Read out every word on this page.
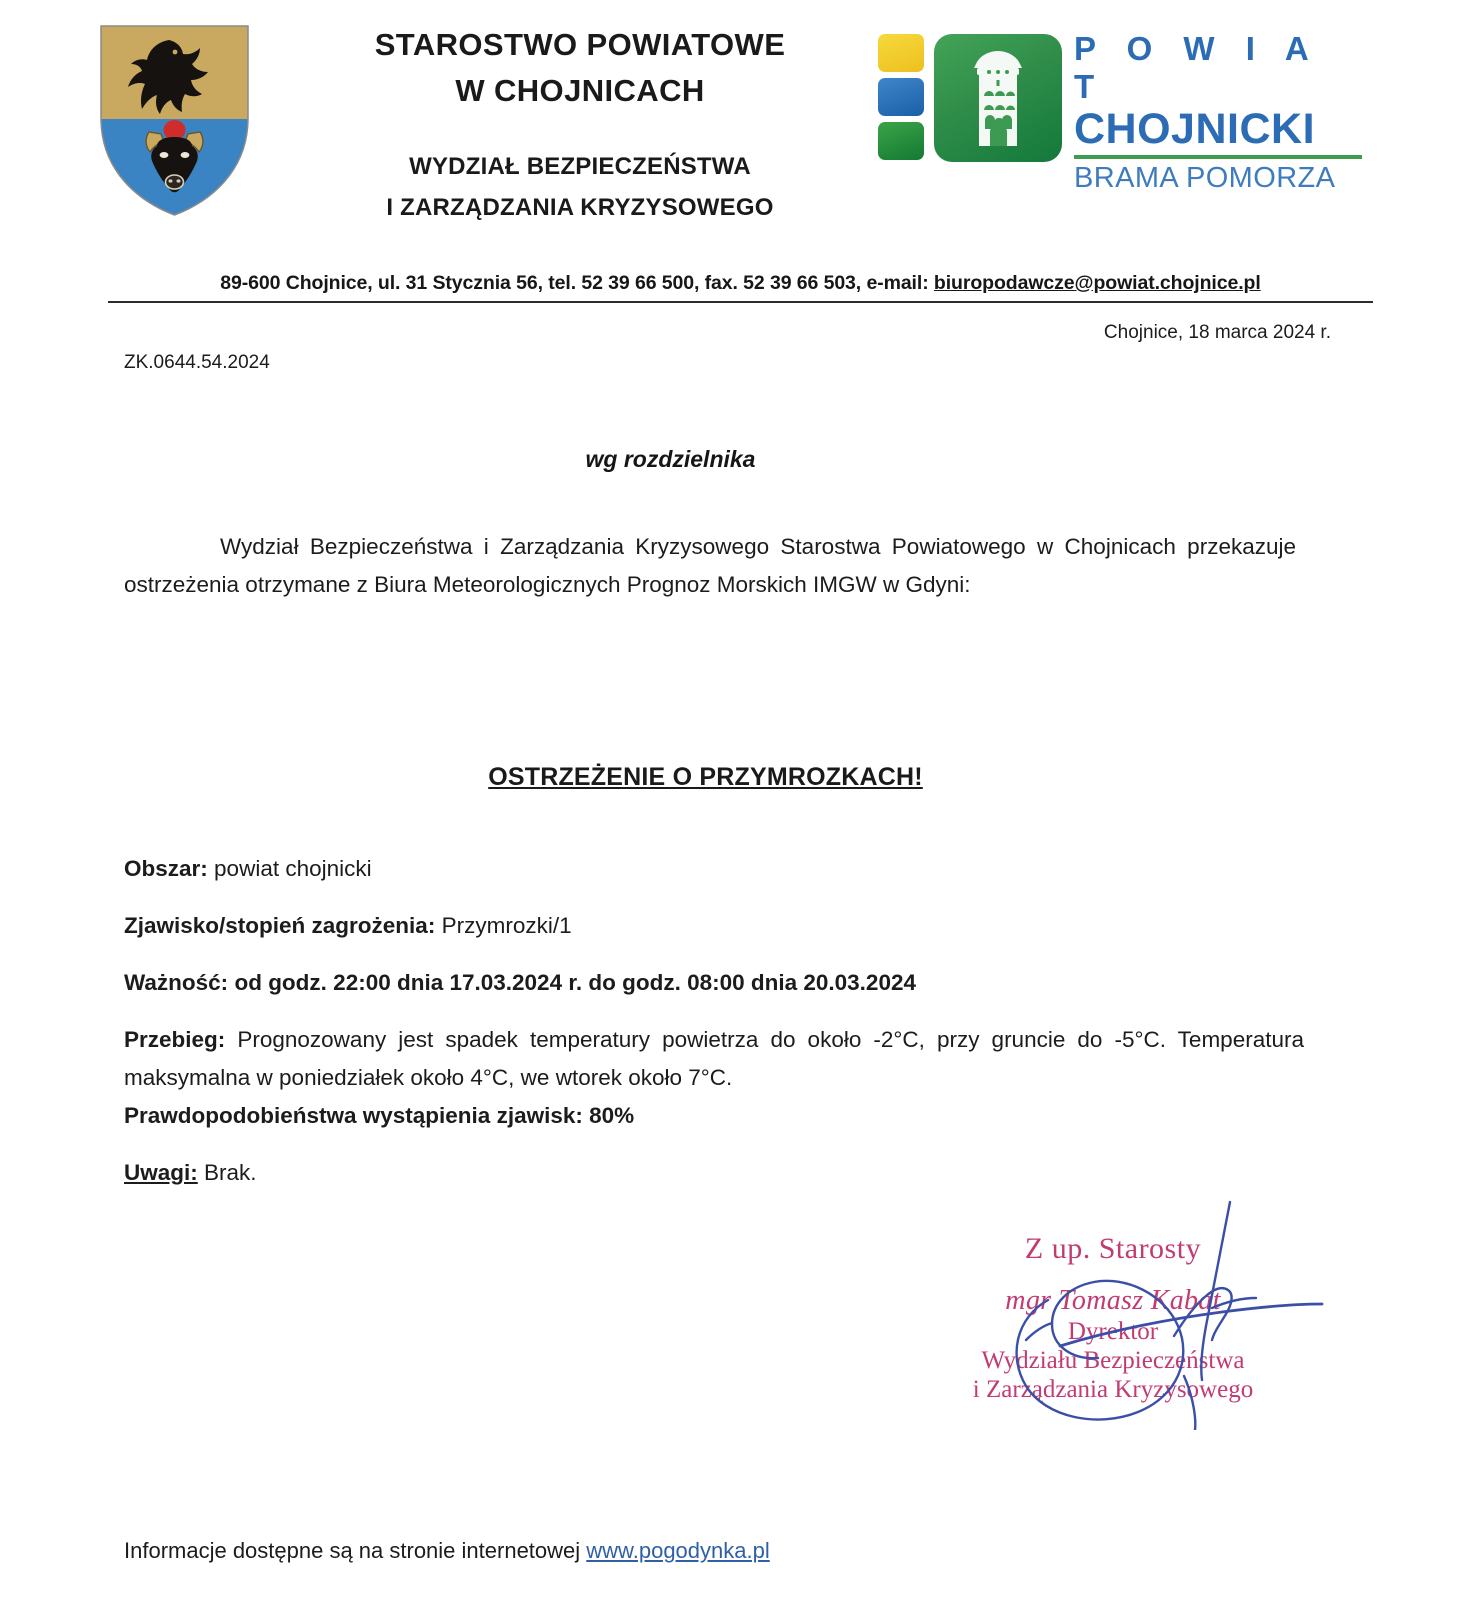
STAROSTWO POWIATOWE
W CHOJNICACH
WYDZIAŁ BEZPIECZEŃSTWA
I ZARZĄDZANIA KRYZYSOWEGO
P O W I A T
CHOJNICKI
BRAMA POMORZA
89-600 Chojnice, ul. 31 Stycznia 56, tel. 52 39 66 500, fax. 52 39 66 503, e-mail: biuropodawcze@powiat.chojnice.pl
Chojnice, 18 marca 2024 r.
ZK.0644.54.2024
wg rozdzielnika
Wydział Bezpieczeństwa i Zarządzania Kryzysowego Starostwa Powiatowego w Chojnicach przekazuje ostrzeżenia otrzymane z Biura Meteorologicznych Prognoz Morskich IMGW w Gdyni:
OSTRZEŻENIE O PRZYMROZKACH!
Obszar: powiat chojnicki
Zjawisko/stopień zagrożenia: Przymrozki/1
Ważność: od godz. 22:00 dnia 17.03.2024 r. do godz. 08:00 dnia 20.03.2024
Przebieg: Prognozowany jest spadek temperatury powietrza do około -2°C, przy gruncie do -5°C. Temperatura maksymalna w poniedziałek około 4°C, we wtorek około 7°C.
Prawdopodobieństwa wystąpienia zjawisk: 80%
Uwagi: Brak.
Z up. Starosty
mgr Tomasz Kabat
Dyrektor
Wydziału Bezpieczeństwa
i Zarządzania Kryzysowego
Informacje dostępne są na stronie internetowej www.pogodynka.pl
